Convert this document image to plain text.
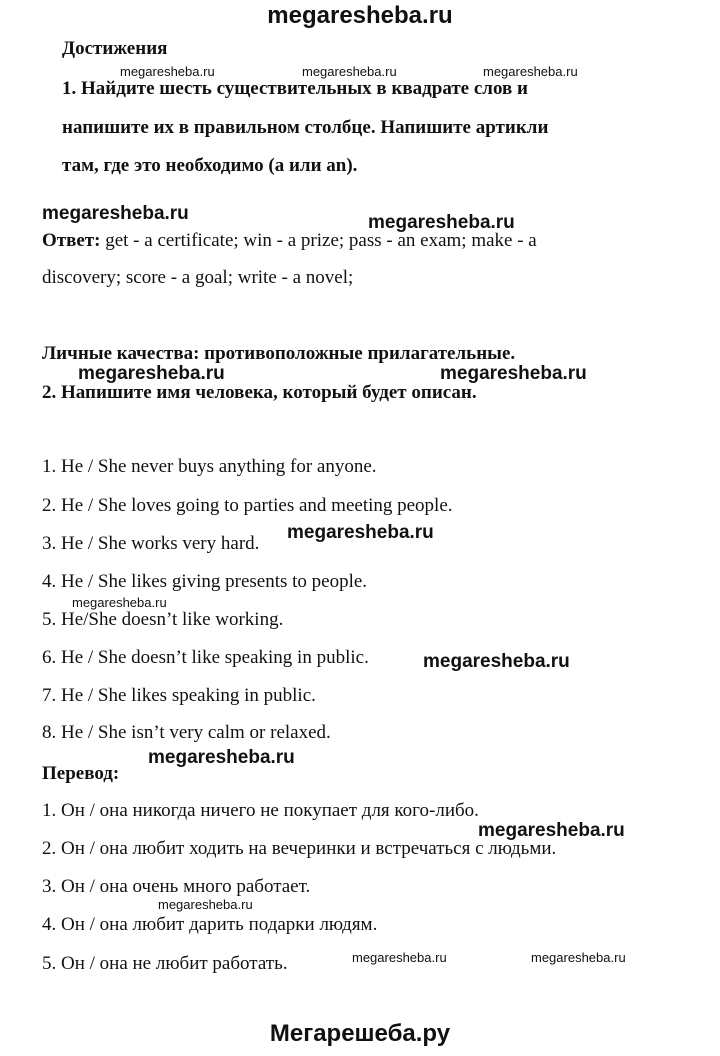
megaresheba.ru
Достижения
1. Найдите шесть существительных в квадрате слов и
напишите их в правильном столбце. Напишите артикли
там, где это необходимо (a или an).
Ответ: get - a certificate; win - a prize; pass - an exam; make - a
discovery; score - a goal; write - a novel;
Личные качества: противоположные прилагательные.
2. Напишите имя человека, который будет описан.
1. He / She never buys anything for anyone.
2. He / She loves going to parties and meeting people.
3. He / She works very hard.
4. He / She likes giving presents to people.
5. He/She doesn’t like working.
6. He / She doesn’t like speaking in public.
7. He / She likes speaking in public.
8. He / She isn’t very calm or relaxed.
Перевод:
1. Он / она никогда ничего не покупает для кого-либо.
2. Он / она любит ходить на вечеринки и встречаться с людьми.
3. Он / она очень много работает.
4. Он / она любит дарить подарки людям.
5. Он / она не любит работать.
megaresheba.ru	megaresheba.ru	megaresheba.ru
megaresheba.ru	megaresheba.ru
megaresheba.ru	megaresheba.ru
megaresheba.ru
megaresheba.ru
megaresheba.ru
megaresheba.ru
megaresheba.ru
megaresheba.ru
megaresheba.ru	megaresheba.ru
Мегарешеба.ру
